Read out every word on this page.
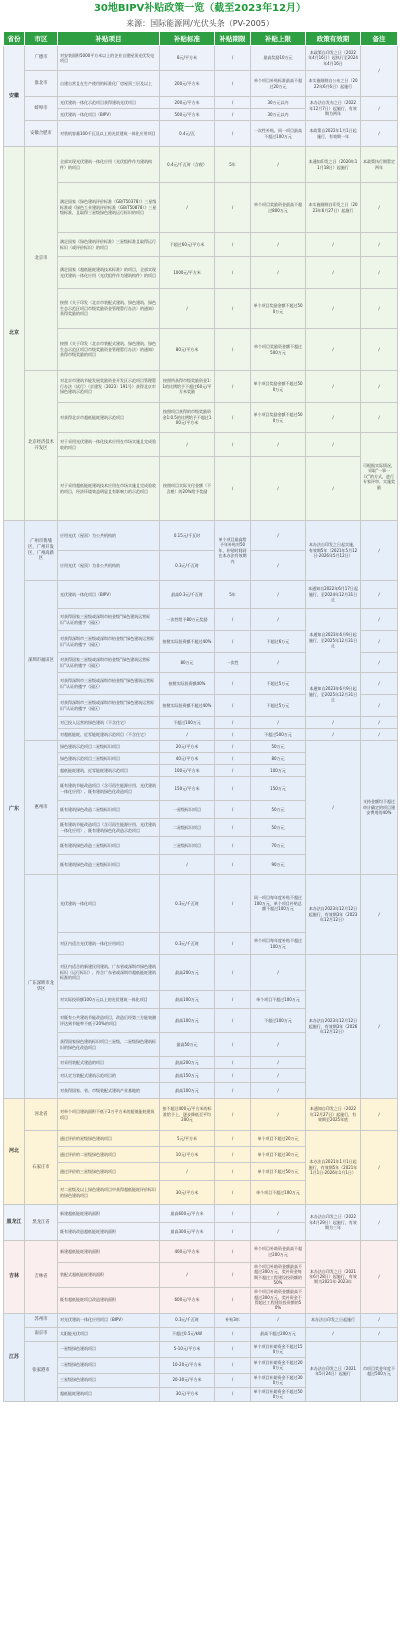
30地BIPV补贴政策一览（截至2023年12月）
来源：国际能源网/光伏头条（PV-2005）
省份	市区	补贴项目	补贴标准	补贴期限	补贴上限	政策有效期	备注
安徽	广德市	对安装面积5000平方米以上的企业自建屋顶光伏发电项目	8元/平方米	/	最高奖励10万元	本政策自印发之日（2022年4月16日）起执行至2024年4月16日	/
	淮北市	自建自营且在生产使用的标准化厂房屋顶三层及以上	200元/平方米	/	单个项目补贴标准最高不超过20万元	本实施细则自公布之日（2022年6月6日）起施行	
	蚌埠市	光伏建筑一体化示范项目获得建筑光伏项目	200元/平方米	/	30万元以内	本办法自发布之日（2022年12月7日）起施行，有效期为两年	/
		光伏建筑一体化项目（BIPV）	500元/平方米	/	30万元以内		
	安徽合肥市	对装机容量100千瓦及以上的光伏建筑一体化应用项目	0.4元/瓦	/	一次性补贴，同一项目最高不超过100万元	本政策自2022年1月1日起施行，有效期一年	/
北京	北京市	全部实现光伏建筑一体化应用（光伏组件作为建筑构件）的项目	0.4元/千瓦时（含税）	5年	/	本通知印发之日（2020年11月18日）起施行	本政策执行期暂定两年
		满足国家《绿色建筑评价标准（GB/T50378）》三星级标准或《绿色工业建筑评价标准（GB/T50878）》三星级标准，且取得三星级绿色建筑运行标识的项目	/	/	单个项目奖励资金最高不超过800万元	本实施细则自印发之日（2023年6月27日）起施行	/
		满足国家《绿色建筑评价标准》三星级标准且取得运行标识（或评价标识）的项目	不超过60元/平方米	/	/	/	/
		满足国家《超低能耗建筑技术标准》的项目，全部实现光伏建筑一体化应用（光伏组件作为建筑构件）的项目	1000元/平方米	/	/	/	/
		按照《关于印发〈北京市装配式建筑、绿色建筑、绿色生态示范区项目市级奖励资金管理暂行办法〉的通知》获得奖励的项目	/	/	单个项目奖励金额不超过500万元	/	/
		按照《关于印发〈北京市装配式建筑、绿色建筑、绿色生态示范区项目市级奖励资金管理暂行办法〉的通知》获得市级奖励的项目	80元/平方米	/	单个项目奖励资金额不超过500万元	/	/
	北京经济技术开发区	对北京市建筑节能发展奖励资金开发区示范项目管理暂行办法（试行）（京建发〔2023〕191号）获得北京市绿色建筑示范项目	按照所获得市级奖励资金1:1的比例给予不超过60元/平方米奖励	/	单个项目奖励金额不超过500万元	/	/
		对获得北京市超低能耗建筑示范项目	按照项目获得的市级奖励资金1:0.5的比例给予不超过100元/平方米	/	单个项目奖励金额不超过500万元	/	/
		对于采用光伏建筑一体化技术应用在市场实施且完成验收的项目	/	/	/	/	可根据实际情况，采取“一事一议”的方式，进行专家评审，实施奖励
		对于采用超低能耗建筑技术应用在市场实施且完成验收的项目，经济环境效益明显且有影响力的示范项目	按照项目实际支付金额（不含税）的20%给予奖励	/	/	/	
广东	广州市黄埔区、广州开发区、广州高新区	应用光伏（屋顶）为公共机构的	0.15元/千瓦时	单个项目最高给予年补贴对50年，补贴时间同在本办法有效期内	/	本办法自印发之日起实施，有效期5年（2021年5月12日-2026年5月12日）	/
		应用光伏（屋顶）为非公共机构的	0.3元/千瓦时		/		
	深圳市福田区	光伏建筑一体化项目（BIPV）	最高0.3元/千瓦时	5年	/	本通知自2022年6月17日起施行，至2024年12月31日止	/
		对获得国家三星级或深圳市铂金级“绿色建筑运营标识”认证的楼宇（园区）	一次性给予80万元奖励	/	/	本通知自2023年6月9日起施行，至2025年12月31日止	/
		对获得深圳市三星级或深圳市铂金级“绿色建筑运营标识”认证的楼宇（园区）	按照实际投资额不超过40%	/	不超过6万元		/
		对获得国家三星级或深圳市铂金级“绿色建筑运营标识”认证的楼宇（园区）	80万元	一次性	/		/
		对获得深圳市三星级或深圳市铂金级“绿色建筑运营标识”认证的楼宇（园区）	按照实际投资额40%	/	不超过5万元	本通知自2023年6月9日起施行，至2025年12月31日止	/
		对获得深圳市三星级或深圳市铂金级“绿色建筑运营标识”认证的楼宇（园区）	按照实际投资额不超过40%	/	不超过5万元		/
		对已投入运营的绿色建筑（不含住宅）	不超过100万元	/	/	/	/
		对超低能耗、近零能耗建筑示范项目（不含住宅）	/	/	不超过500万元	/	/
	惠州市	绿色建筑示范项目二星级标识项目	20元/平方米	/	50万元	/	支持金额均不超过审计确定的项目建安费用的40%
		绿色建筑示范项目三星级标识项目	40元/平方米	/	80万元		
		超低能耗建筑、近零能耗建筑示范项目	100元/平方米	/	100万元		
		既有建筑节能改造项目（含可再生能源应用、光伏建筑一体化应用）、既有建筑绿色化改造项目	150元/平方米	/	150万元		
		既有建筑绿色改造二星级标识项目	一星级标识项目	/	50万元		
		既有建筑节能改造项目（含可再生能源应用、光伏建筑一体化应用）、既有建筑绿色化改造示范项目	二星级标识项目	/	50万元		
		既有建筑绿色改造三星级标识项目	三星级标识项目	/	70万元		
		既有建筑绿色改造三星级标识项目	/	/	90万元		
	广东深圳市龙华区	光伏建筑一体化项目	0.3元/千瓦时	/	同一项目每年度补贴不超过100万元，单个项目补贴总额不超过100万元	本办法自2023年12月12日起施行，有效期3年（2023年12月12日）	/
		对区内适合光伏建筑一体化应用项目	0.3元/千瓦时	/	单个项目每年度补贴不超过100万元		
		对区内适合的新建民用建筑、广东省或深圳市绿色建筑标识（运行标识）、符合广东省或深圳市超低能耗建筑标准的项目	最高200万元	/	/	本办法自2023年12月12日起施行，有效期3年（2026年12月12日）	/
		对实际投资额100万元以上的光伏建筑一体化项目	最高100万元	/	单个项目不超过100万元		
		对既有公共建筑节能改造项目，改造后经第三方能效测评达到节能率不低于20%的项目	最高100万元	/	不超过100万元		
		获得国家绿色建筑标识项目三星级，二星级绿色建筑标识的绿色化改造项目	最高50万元	/	/		
		对采用装配式建造的项目	最高200万元	/	/		
		对认定为装配式建筑示范项目的	最高150万元	/	/		
		对获得国家、省、市级装配式建筑产业基地的	最高100万元	/	/		
河北	河北省	对单个项目建筑面积不低于2万平方米的超低能耗建筑项目	按不超过400元/平方米的标准给予上，逐步降低至平均200元	/	/	本通知自印发之日（2022年12月27日）起施行，有效期至2025年底	/
	石家庄市	通过评价的星级绿色建筑项目	5元/平方米	/	单个项目不超过20万元	本办法自2021年1月1日起施行，有效期5年（2021年1月1日-2026年1月1日）	/
		通过评价的二星级绿色建筑项目	10元/平方米	/	单个项目不超过30万元		
		通过评价的三星级绿色建筑项目	/	/	单个项目不超过50万元		
		对二星级及以上绿色建筑项目中获得超低能耗评价标识的绿色建筑项目	30元/平方米	/	单个项目不超过100万元		
黑龙江	黑龙江省	新建超低能耗建筑面积	最高600元/平方米	/	/	本办法自印发之日（2022年4月29日）起施行，有效期为三年	/
		既有建筑改造超低能耗建筑面积	最高300元/平方米	/	/		
吉林	吉林省	新建超低能耗建筑面积	400元/平方米	/	单个项目补助资金最高不超过200万元	本办法自印发之日（2021年6月28日）起施行，有效期为2021年-2023年	/
		装配式超低能耗建筑面积	/	/	单个项目补助资金额最高不超过300万元，奖补资金每期不超过工程建设投资额的50%		
		既有超低能耗项目改造建筑面积	600元/平方米	/	单个项目补助资金额最高不超过300万元，奖补资金不得超过工程建设投资额的50%		
江苏	苏州市	对光伏建筑一体化应用项目（BIPV）	0.3元/千瓦时	补贴3年	/	本办法自印发之日起施行	/
	南京市	太阳能光伏项目	不超过0.5元/kW	/	最高不超过200万元	/	/
	张家港市	一星级绿色建筑项目	5-10元/平方米	/	单个项目补助资金不超过150万元	本办法自印发之日（2021年5月24日）起施行	市项目奖金年度不超过500万元
		二星级绿色建筑项目	10-20元/平方米	/	单个项目补助资金不超过200万元		
		三星级绿色建筑项目	20-30元/平方米	/	单个项目补助资金不超过300万元		
		超低能耗建筑项目	30元/平方米	/	单个项目补助资金不超过500万元		
